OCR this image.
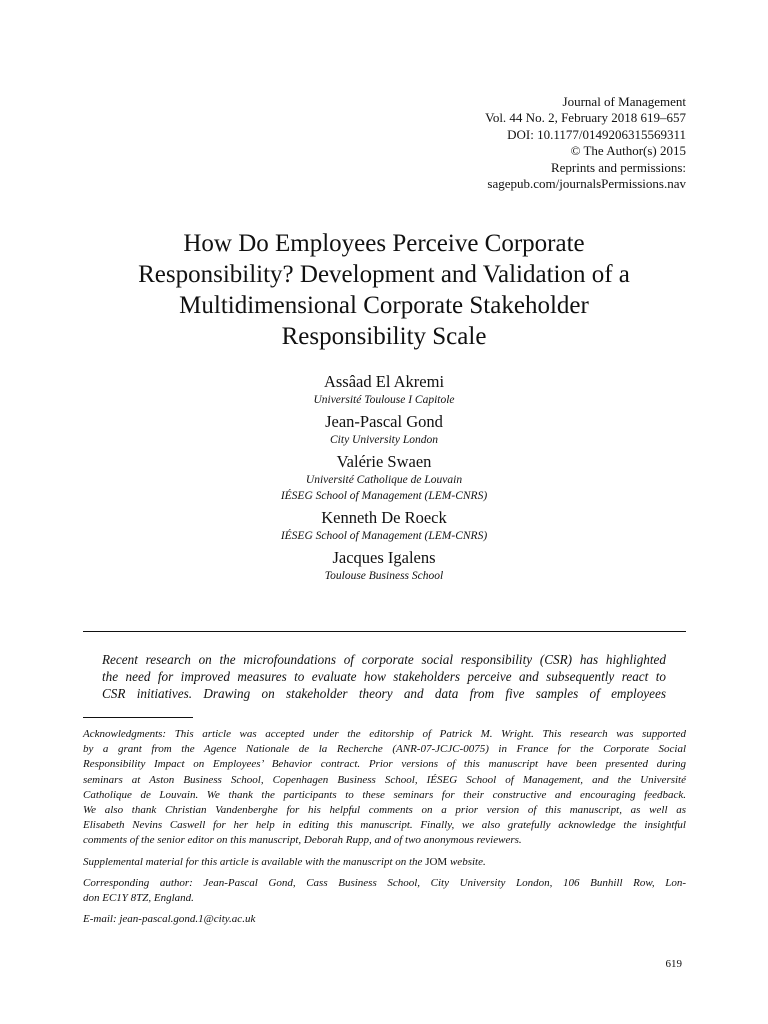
Journal of Management
Vol. 44 No. 2, February 2018 619–657
DOI: 10.1177/0149206315569311
© The Author(s) 2015
Reprints and permissions:
sagepub.com/journalsPermissions.nav
How Do Employees Perceive Corporate
Responsibility? Development and Validation of a
Multidimensional Corporate Stakeholder
Responsibility Scale

Assâad El Akremi

Université Toulouse I Capitole

Jean-Pascal Gond

City University London

Valérie Swaen

Université Catholique de Louvain

IÉSEG School of Management (LEM-CNRS)

Kenneth De Roeck

IÉSEG School of Management (LEM-CNRS)

Jacques Igalens

Toulouse Business School

Recent research on the microfoundations of corporate social responsibility (CSR) has highlighted
the need for improved measures to evaluate how stakeholders perceive and subsequently react to
CSR initiatives. Drawing on stakeholder theory and data from five samples of employees

Acknowledgments: This article was accepted under the editorship of Patrick M. Wright. This research was supported
by a grant from the Agence Nationale de la Recherche (ANR-07-JCJC-0075) in France for the Corporate Social
Responsibility Impact on Employees’ Behavior contract. Prior versions of this manuscript have been presented during
seminars at Aston Business School, Copenhagen Business School, IÉSEG School of Management, and the Université
Catholique de Louvain. We thank the participants to these seminars for their constructive and encouraging feedback.
We also thank Christian Vandenberghe for his helpful comments on a prior version of this manuscript, as well as
Elisabeth Nevins Caswell for her help in editing this manuscript. Finally, we also gratefully acknowledge the insightful
comments of the senior editor on this manuscript, Deborah Rupp, and of two anonymous reviewers.

Supplemental material for this article is available with the manuscript on the JOM website.

Corresponding author: Jean-Pascal Gond, Cass Business School, City University London, 106 Bunhill Row, Lon-
don EC1Y 8TZ, England.

E-mail: jean-pascal.gond.1@city.ac.uk

619
